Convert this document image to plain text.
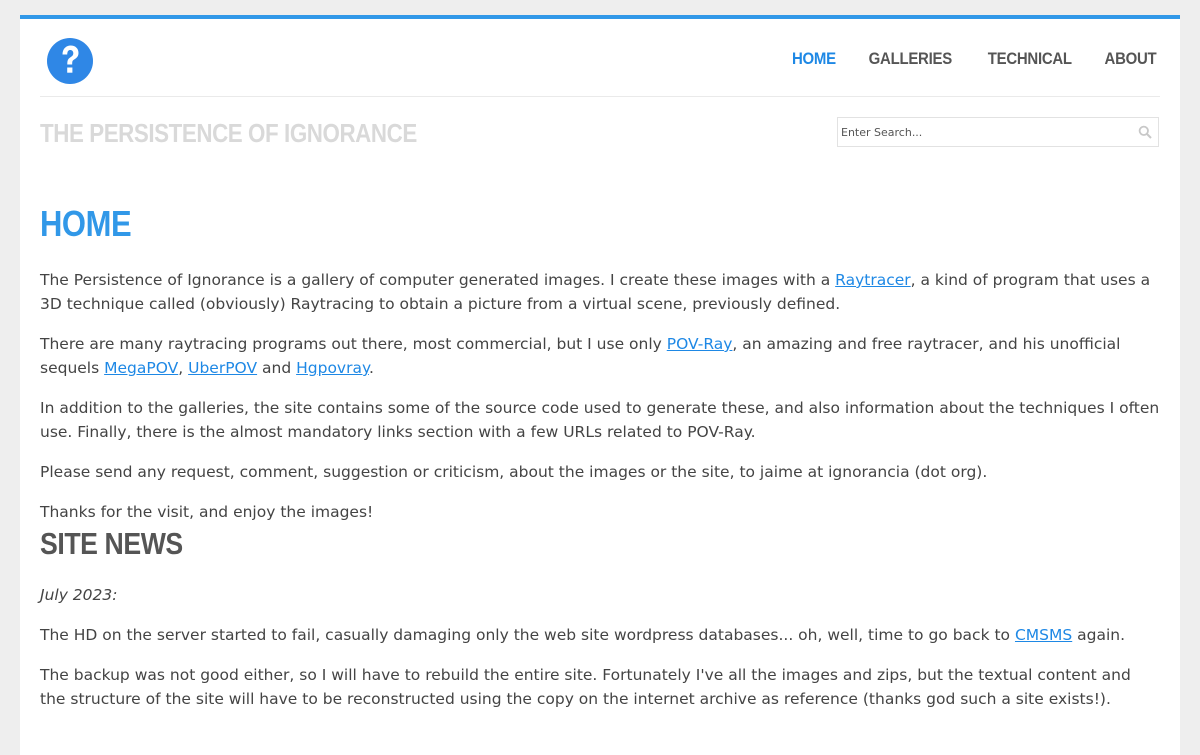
HOME GALLERIES TECHNICAL ABOUT
THE PERSISTENCE OF IGNORANCE
Enter Search...
HOME

The Persistence of Ignorance is a gallery of computer generated images. I create these images with a Raytracer, a kind of program that uses a 3D technique called (obviously) Raytracing to obtain a picture from a virtual scene, previously defined.

There are many raytracing programs out there, most commercial, but I use only POV-Ray, an amazing and free raytracer, and his unofficial sequels MegaPOV, UberPOV and Hgpovray.

In addition to the galleries, the site contains some of the source code used to generate these, and also information about the techniques I often use. Finally, there is the almost mandatory links section with a few URLs related to POV-Ray.

Please send any request, comment, suggestion or criticism, about the images or the site, to jaime at ignorancia (dot org).

Thanks for the visit, and enjoy the images!

SITE NEWS

July 2023:

The HD on the server started to fail, casually damaging only the web site wordpress databases... oh, well, time to go back to CMSMS again.

The backup was not good either, so I will have to rebuild the entire site. Fortunately I've all the images and zips, but the textual content and the structure of the site will have to be reconstructed using the copy on the internet archive as reference (thanks god such a site exists!).
